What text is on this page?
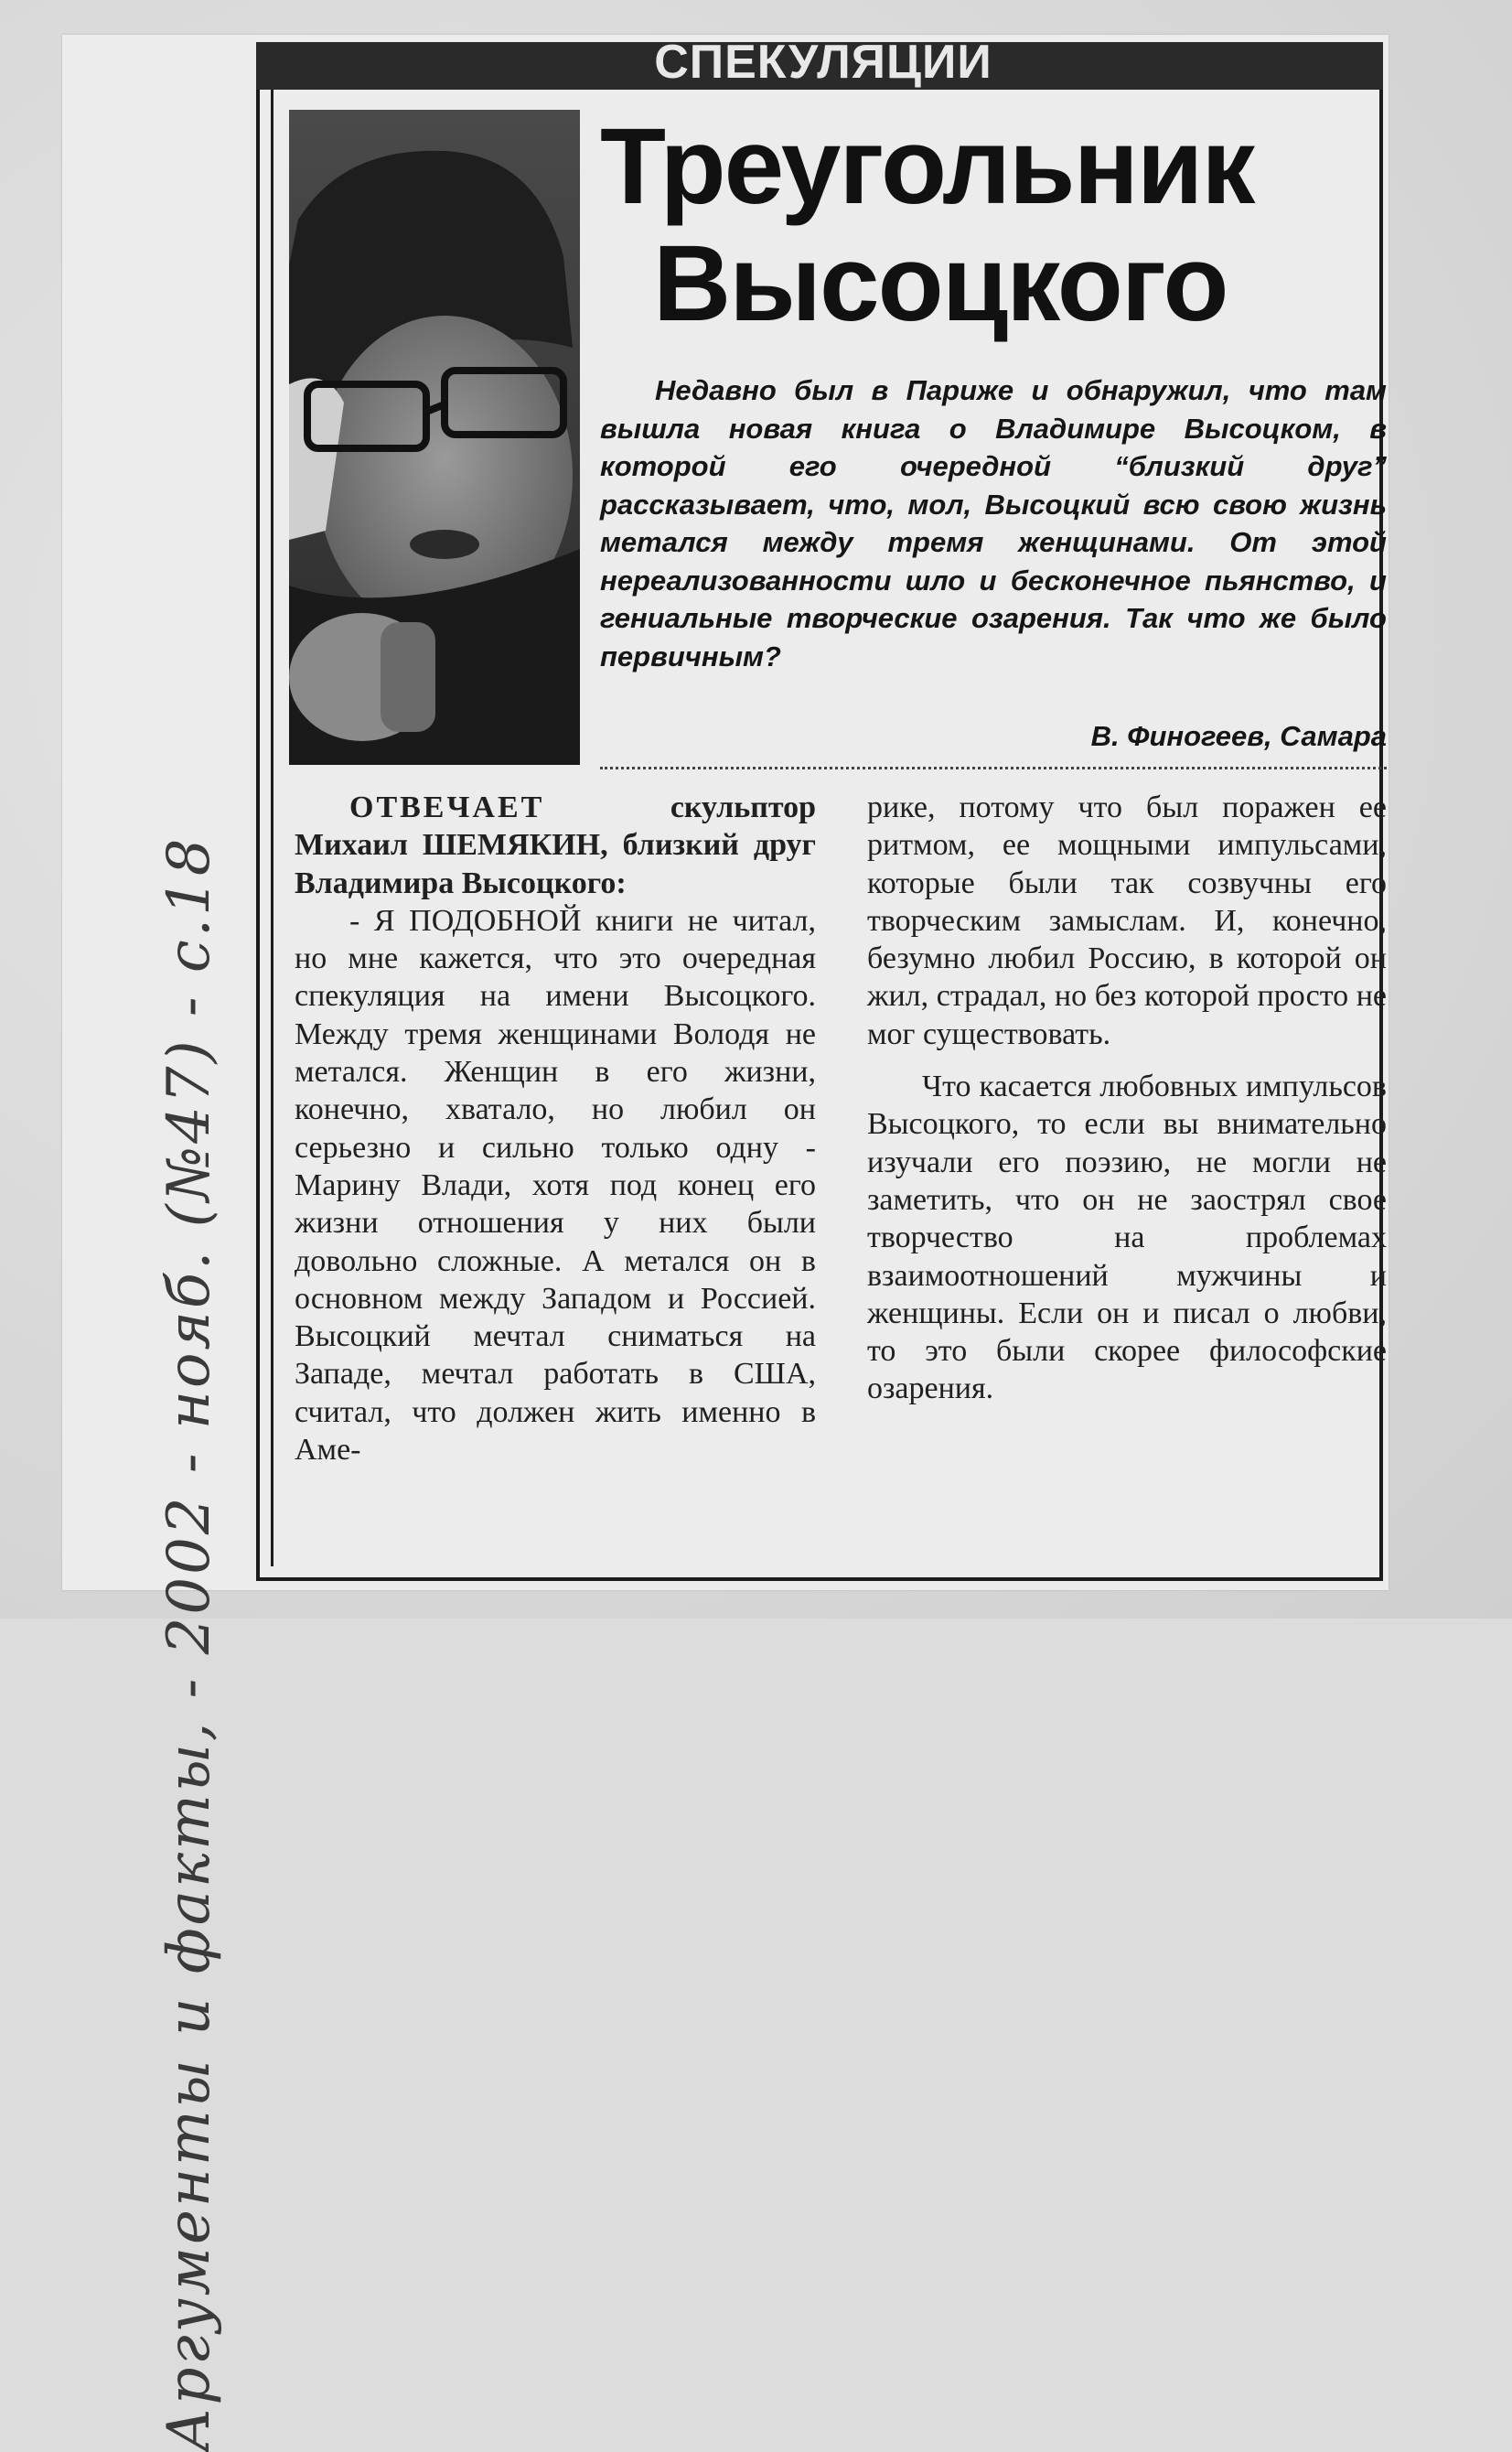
Аргументы и факты, - 2002 - нояб. (№47) - с.18
СПЕКУЛЯЦИИ
Треугольник
Высоцкого

Недавно был в Париже и обнаружил, что там вышла новая книга о Владимире Высоцком, в которой его очередной “близкий друг” рассказывает, что, мол, Высоцкий всю свою жизнь метался между тремя женщинами. От этой нереализованности шло и бесконечное пьянство, и гениальные творческие озарения. Так что же было первичным?

В. Финогеев, Самара

ОТВЕЧАЕТ скульптор Михаил ШЕМЯКИН, близкий друг Владимира Высоцкого:

- Я ПОДОБНОЙ книги не читал, но мне кажется, что это очередная спекуляция на имени Высоцкого. Между тремя женщинами Володя не метался. Женщин в его жизни, конечно, хватало, но любил он серьезно и сильно только одну - Марину Влади, хотя под конец его жизни отношения у них были довольно сложные. А метался он в основном между Западом и Россией. Высоцкий мечтал сниматься на Западе, мечтал работать в США, считал, что должен жить именно в Аме-

рике, потому что был поражен ее ритмом, ее мощными импульсами, которые были так созвучны его творческим замыслам. И, конечно, безумно любил Россию, в которой он жил, страдал, но без которой просто не мог существовать.

Что касается любовных импульсов Высоцкого, то если вы внимательно изучали его поэзию, не могли не заметить, что он не заострял свое творчество на проблемах взаимоотношений мужчины и женщины. Если он и писал о любви, то это были скорее философские озарения.
